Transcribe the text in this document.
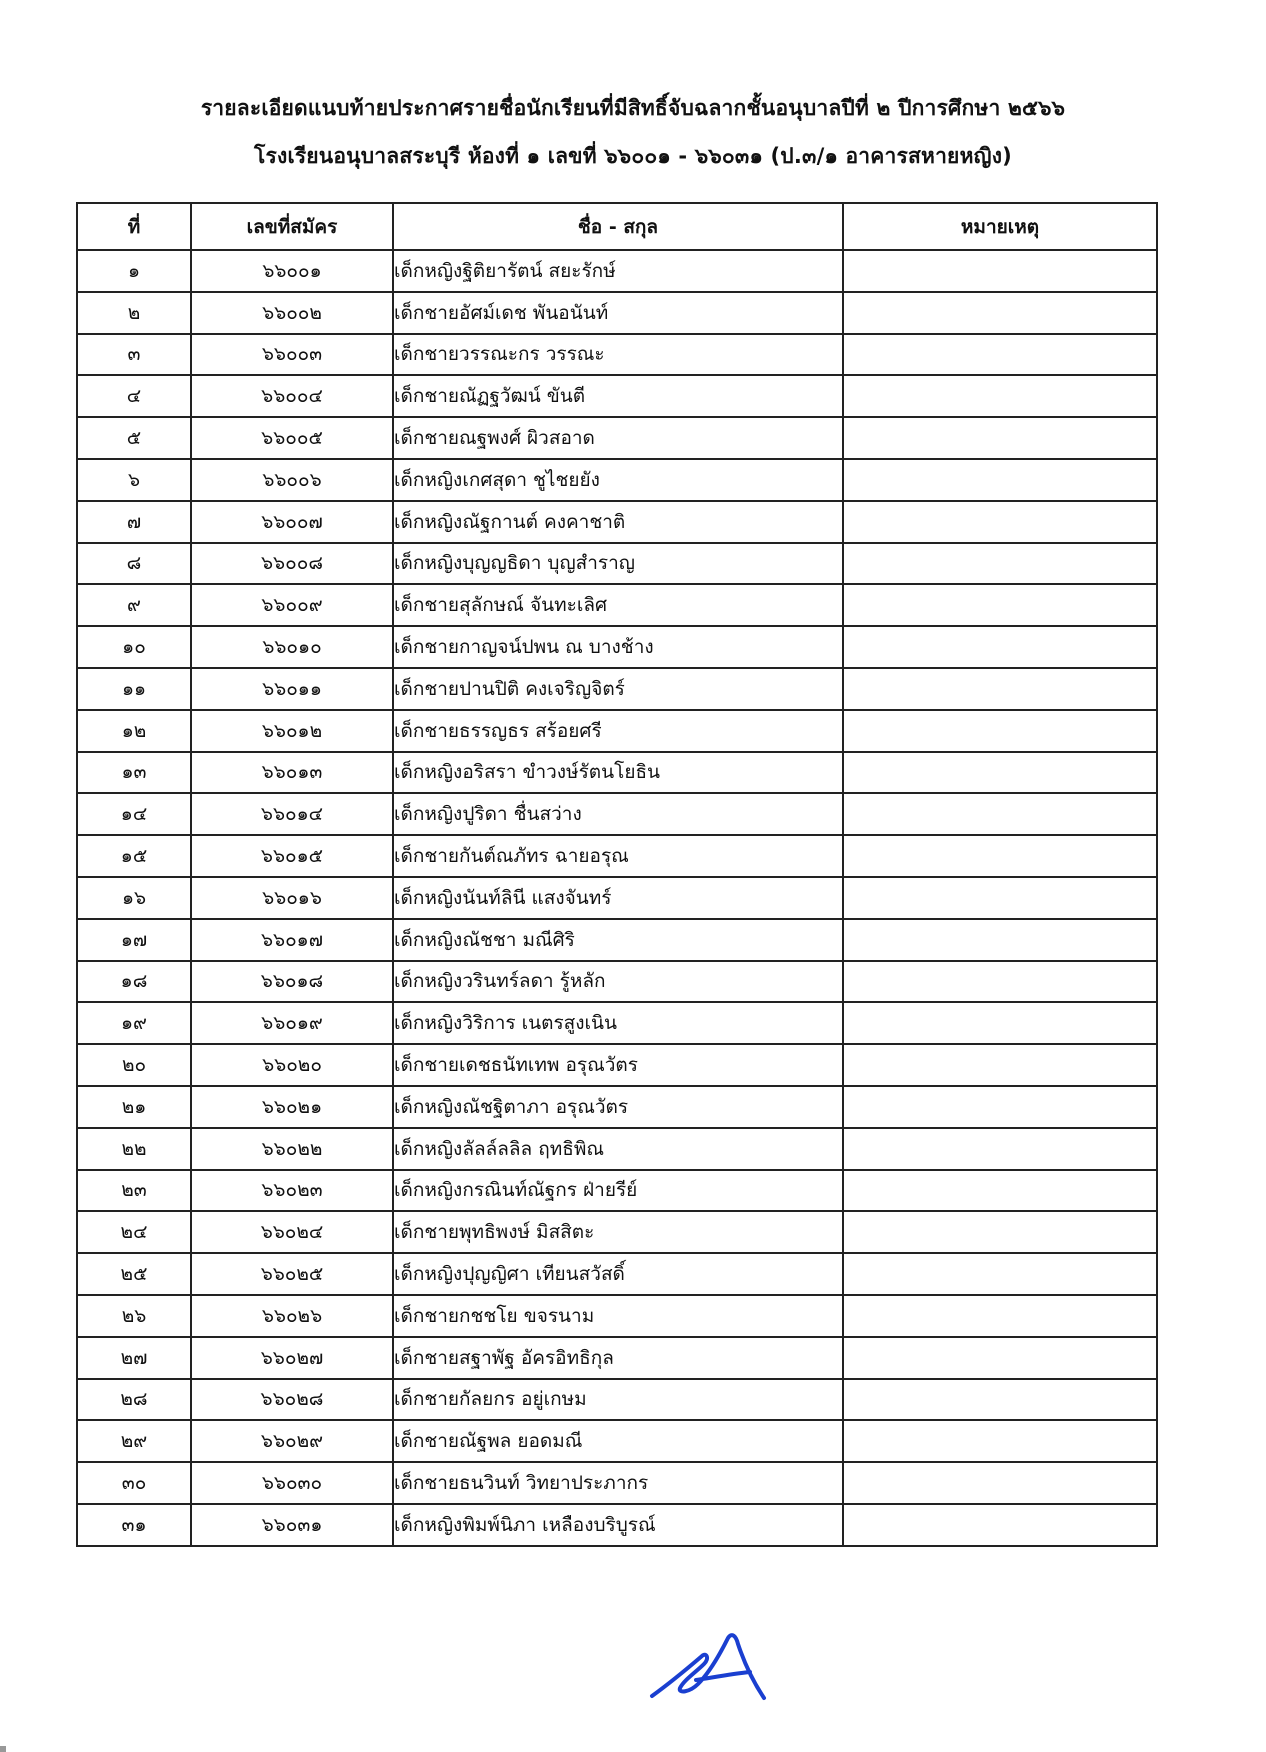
รายละเอียดแนบท้ายประกาศรายชื่อนักเรียนที่มีสิทธิ์จับฉลากชั้นอนุบาลปีที่ ๒ ปีการศึกษา ๒๕๖๖
โรงเรียนอนุบาลสระบุรี ห้องที่ ๑ เลขที่ ๖๖๐๐๑ - ๖๖๐๓๑ (ป.๓/๑ อาคารสหายหญิง)
ที่	เลขที่สมัคร	ชื่อ - สกุล	หมายเหตุ
๑	๖๖๐๐๑	เด็กหญิงฐิติยารัตน์ สยะรักษ์	
๒	๖๖๐๐๒	เด็กชายอัศม์เดช พันอนันท์	
๓	๖๖๐๐๓	เด็กชายวรรณะกร วรรณะ	
๔	๖๖๐๐๔	เด็กชายณัฏฐวัฒน์ ขันตี	
๕	๖๖๐๐๕	เด็กชายณฐพงศ์ ผิวสอาด	
๖	๖๖๐๐๖	เด็กหญิงเกศสุดา ชูไชยยัง	
๗	๖๖๐๐๗	เด็กหญิงณัฐกานต์ คงคาชาติ	
๘	๖๖๐๐๘	เด็กหญิงบุญญธิดา บุญสำราญ	
๙	๖๖๐๐๙	เด็กชายสุลักษณ์ จันทะเลิศ	
๑๐	๖๖๐๑๐	เด็กชายกาญจน์ปพน ณ บางช้าง	
๑๑	๖๖๐๑๑	เด็กชายปานปิติ คงเจริญจิตร์	
๑๒	๖๖๐๑๒	เด็กชายธรรญธร สร้อยศรี	
๑๓	๖๖๐๑๓	เด็กหญิงอริสรา ขำวงษ์รัตนโยธิน	
๑๔	๖๖๐๑๔	เด็กหญิงปูริดา ชื่นสว่าง	
๑๕	๖๖๐๑๕	เด็กชายกันต์ณภัทร ฉายอรุณ	
๑๖	๖๖๐๑๖	เด็กหญิงนันท์ลินี แสงจันทร์	
๑๗	๖๖๐๑๗	เด็กหญิงณัชชา มณีศิริ	
๑๘	๖๖๐๑๘	เด็กหญิงวรินทร์ลดา รู้หลัก	
๑๙	๖๖๐๑๙	เด็กหญิงวิริการ เนตรสูงเนิน	
๒๐	๖๖๐๒๐	เด็กชายเดชธนัทเทพ อรุณวัตร	
๒๑	๖๖๐๒๑	เด็กหญิงณัชฐิตาภา อรุณวัตร	
๒๒	๖๖๐๒๒	เด็กหญิงลัลล์ลลิล ฤทธิพิณ	
๒๓	๖๖๐๒๓	เด็กหญิงกรณินท์ณัฐกร ฝ่ายรีย์	
๒๔	๖๖๐๒๔	เด็กชายพุทธิพงษ์ มิสสิตะ	
๒๕	๖๖๐๒๕	เด็กหญิงปุญญิศา เทียนสวัสดิ์	
๒๖	๖๖๐๒๖	เด็กชายกชชโย ขจรนาม	
๒๗	๖๖๐๒๗	เด็กชายสฐาพัฐ อัครอิทธิกุล	
๒๘	๖๖๐๒๘	เด็กชายกัลยกร อยู่เกษม	
๒๙	๖๖๐๒๙	เด็กชายณัฐพล ยอดมณี	
๓๐	๖๖๐๓๐	เด็กชายธนวินท์ วิทยาประภากร	
๓๑	๖๖๐๓๑	เด็กหญิงพิมพ์นิภา เหลืองบริบูรณ์	
